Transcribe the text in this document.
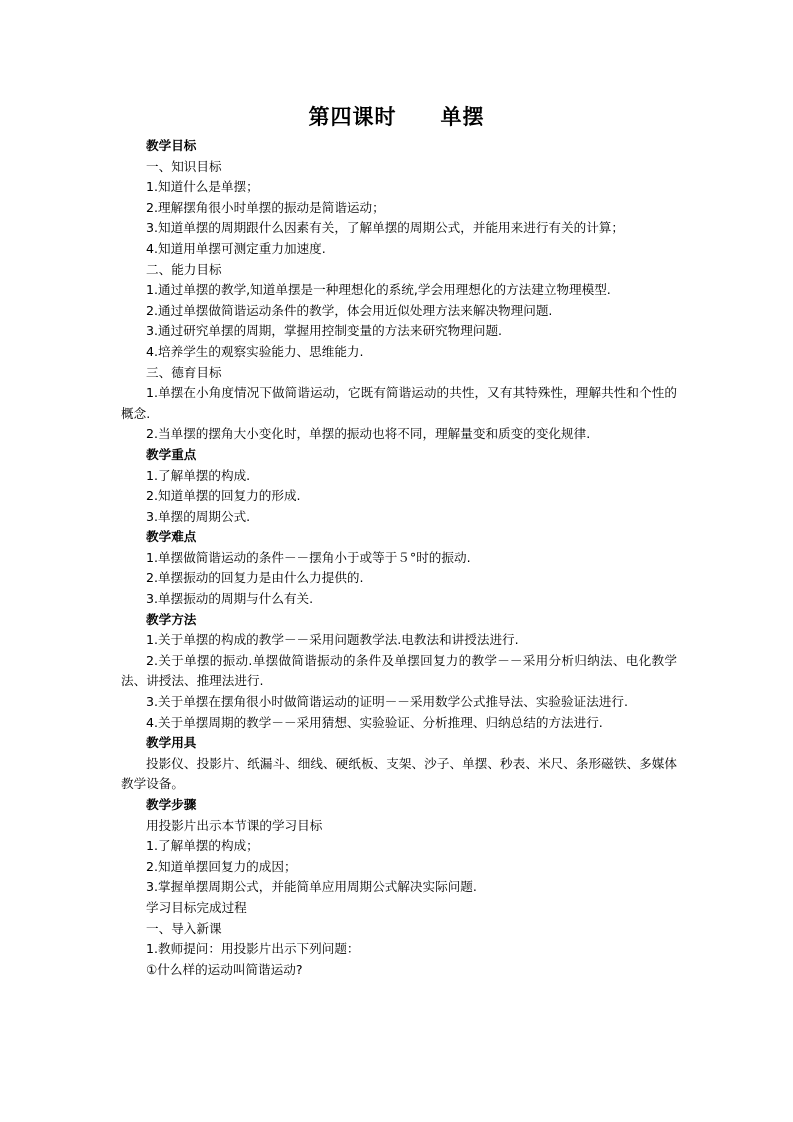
第四课时　　单摆
教学目标
一、知识目标
1.知道什么是单摆；
2.理解摆角很小时单摆的振动是简谐运动；
3.知道单摆的周期跟什么因素有关，了解单摆的周期公式，并能用来进行有关的计算；
4.知道用单摆可测定重力加速度.
二、能力目标
1.通过单摆的教学,知道单摆是一种理想化的系统,学会用理想化的方法建立物理模型.
2.通过单摆做简谐运动条件的教学，体会用近似处理方法来解决物理问题.
3.通过研究单摆的周期，掌握用控制变量的方法来研究物理问题.
4.培养学生的观察实验能力、思维能力.
三、德育目标
1.单摆在小角度情况下做简谐运动，它既有简谐运动的共性，又有其特殊性，理解共性和个性的概念.
2.当单摆的摆角大小变化时，单摆的振动也将不同，理解量变和质变的变化规律.
教学重点
1.了解单摆的构成.
2.知道单摆的回复力的形成.
3.单摆的周期公式.
教学难点
1.单摆做简谐运动的条件－－摆角小于或等于５°时的振动.
2.单摆振动的回复力是由什么力提供的.
3.单摆振动的周期与什么有关.
教学方法
1.关于单摆的构成的教学－－采用问题教学法.电教法和讲授法进行.
2.关于单摆的振动.单摆做简谐振动的条件及单摆回复力的教学－－采用分析归纳法、电化教学法、讲授法、推理法进行.
3.关于单摆在摆角很小时做简谐运动的证明－－采用数学公式推导法、实验验证法进行.
4.关于单摆周期的教学－－采用猜想、实验验证、分析推理、归纳总结的方法进行.
教学用具
投影仪、投影片、纸漏斗、细线、硬纸板、支架、沙子、单摆、秒表、米尺、条形磁铁、多媒体教学设备。
教学步骤
用投影片出示本节课的学习目标
1.了解单摆的构成；
2.知道单摆回复力的成因；
3.掌握单摆周期公式，并能简单应用周期公式解决实际问题.
学习目标完成过程
一、导入新课
1.教师提问：用投影片出示下列问题：
①什么样的运动叫简谐运动?
